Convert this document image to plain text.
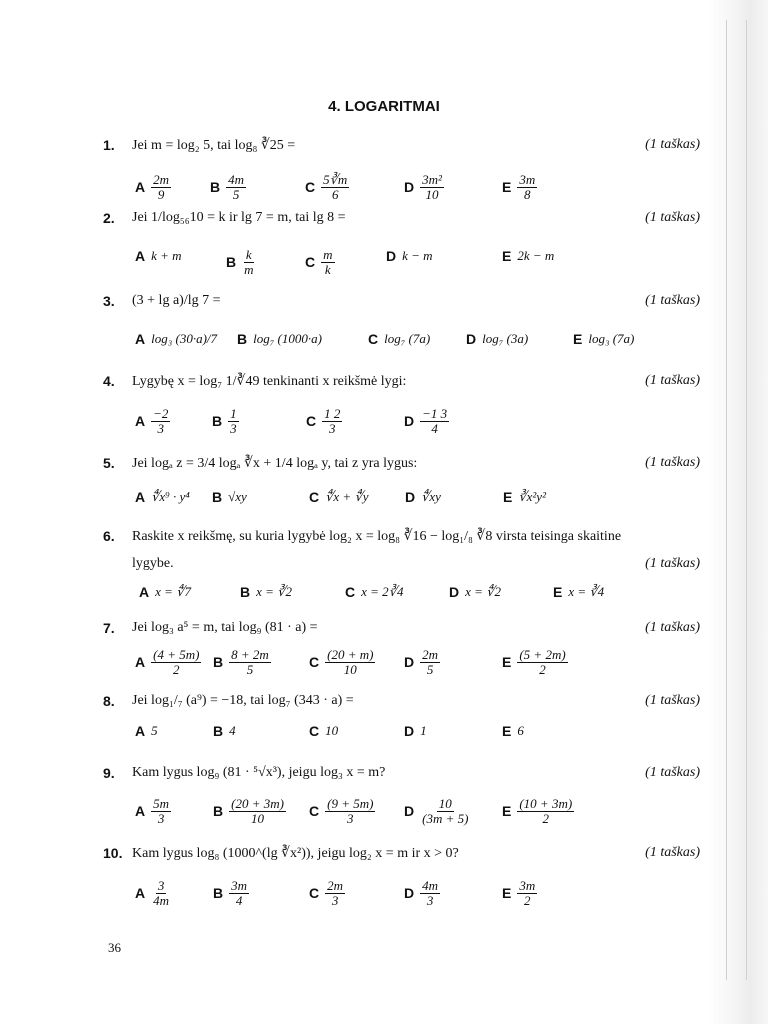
4. LOGARITMAI
1. Jei m = log₂ 5, tai log₈ ∛25 =	(1 taškas)
A 2m
9	B 4m
5	C 5∛m
6	D 3m²
10	E 3m
8
2. Jei 1/log₅₆10 = k ir lg 7 = m, tai lg 8 =	(1 taškas)
A k + m	B k
m	C m
k
D k − m	E 2k − m
3. (3 + lg a)/lg 7 =	(1 taškas)
A log₃ (30·a)/7 B log₇ (1000·a)	C log₇ (7a)	D log₇ (3a)	E log₃ (7a)
4. Lygybę x = log₇ 1/∛49 tenkinanti x reikšmė lygi:	(1 taškas)
A −2
3	B 1
3	C 1 2
3	D −1 3
4
5. Jei logₐ z = 3/4 logₐ ∛x + 1/4 logₐ y, tai z yra lygus:	(1 taškas)
A ∜x⁹ · y⁴ B √xy	C ∜x + ∜y	D ∜xy	E ∛x²y²
6. Raskite x reikšmę, su kuria lygybė log₂ x = log₈ ∛16 − log₁/₈ ∛8 virsta teisinga skaitine
lygybe.	(1 taškas)
A x = ∜7	B x = ∛2	C x = 2∛4	D x = ∜2	E x = ∛4
7. Jei log₃ a⁵ = m, tai log₉ (81 · a) =	(1 taškas)
A (4 + 5m)
2 B 8 + 2m
5	C (20 + m)
10	D 2m
5	E (5 + 2m)
2
8. Jei log₁/₇ (a⁹) = −18, tai log₇ (343 · a) =	(1 taškas)
A 5	B 4	C 10	D 1	E 6
9. Kam lygus log₉ (81 · ⁵√x³), jeigu log₃ x = m?	(1 taškas)
A 5m
3	B (20 + 3m)
10	C (9 + 5m)
3	D 10
(3m + 5) E (10 + 3m)
2
10. Kam lygus log₈ (1000^(lg ∛x²)), jeigu log₂ x = m ir x > 0?	(1 taškas)
A 3
4m	B 3m
4	C 2m
3	D 4m
3	E 3m
2
36
